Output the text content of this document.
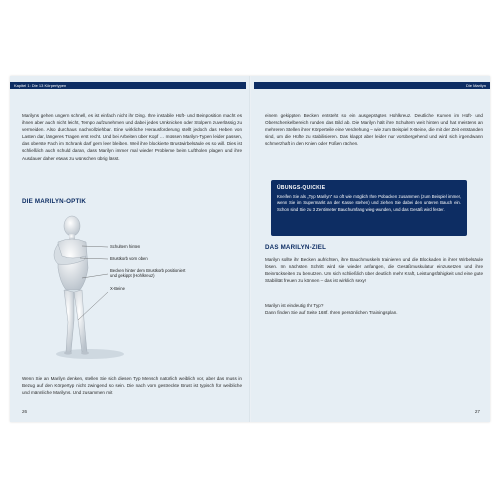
Kapitel 1: Die 13 Körpertypen

Marilyns gehen ungern schnell, es ist einfach nicht ihr Ding. Ihre instabile Hüft- und Beinposition macht es ihnen aber auch nicht leicht, Tempo aufzunehmen und dabei jedes Umknicken oder Stolpern zuverlässig zu vermeiden. Also durchaus nachvollziehbar. Eine wirkliche Herausforderung stellt jedoch das Heben von Lasten dar, längeres Tragen erst recht. Und bei Arbeiten über Kopf … müssen Marilyn-Typen leider passen, das oberste Fach im Schrank darf gern leer bleiben. Weil ihre blockierte Brustwirbelsäule es so will. Dies ist schließlich auch schuld daran, dass Marilyn immer mal wieder Probleme beim Luftholen plagen und ihre Ausdauer daher etwas zu wünschen übrig lässt.

DIE MARILYN-OPTIK
Schultern hinten
Brustkorb vorn oben
Becken hinter dem Brustkorb positioniert und gekippt (Hohlkreuz)
X-Beine

Wenn Sie an Marilyn denken, stellen Sie sich diesen Typ Mensch natürlich weiblich vor, aber das muss in Bezug auf den Körpertyp nicht zwingend so sein. Die nach vorn gestreckte Brust ist typisch für weibliche und männliche Marilyns. Und zusammen mit

26
Die Marilyn

einem gekippten Becken entsteht so ein ausgeprägtes Hohlkreuz. Deutliche Kurven im Hüft- und Oberschenkelbereich runden das Bild ab. Die Marilyn hält ihre Schultern weit hinten und hat meistens an mehreren Stellen ihrer Körperteile eine Verdrehung – wie zum Beispiel X-Beine, die mit der Zeit entstanden sind, um die Hüfte zu stabilisieren. Das klappt aber leider nur vorübergehend und wird sich irgendwann schmerzhaft in den Knien oder Füßen rächen.

ÜBUNGS-QUICKIE
Kneifen Sie als „Typ Marilyn“ so oft wie möglich Ihre Pobacken zusammen (zum Beispiel immer, wenn Sie im Supermarkt an der Kasse stehen) und ziehen Sie dabei den unteren Bauch ein. Schon sind Sie zu 3 Zentimeter Bauchumfang wieg·wunden, und das Gesäß wird fester.
DAS MARILYN-ZIEL

Marilyn sollte ihr Becken aufrichten, ihre Bauchmuskeln trainieren und die Blockaden in ihrer Wirbelsäule lösen. Im nächsten Schritt wird sie wieder anfangen, die Gesäßmuskulatur einzusetzen und ihre Beinrückseiten zu benutzen. Um sich schließlich über deutlich mehr Kraft, Leistungsfähigkeit und eine gute Stabilität freuen zu können – das ist wirklich sexy!

Marilyn ist eindeutig Ihr Typ?

Dann finden Sie auf Seite 168f. Ihren persönlichen Trainingsplan.

27
